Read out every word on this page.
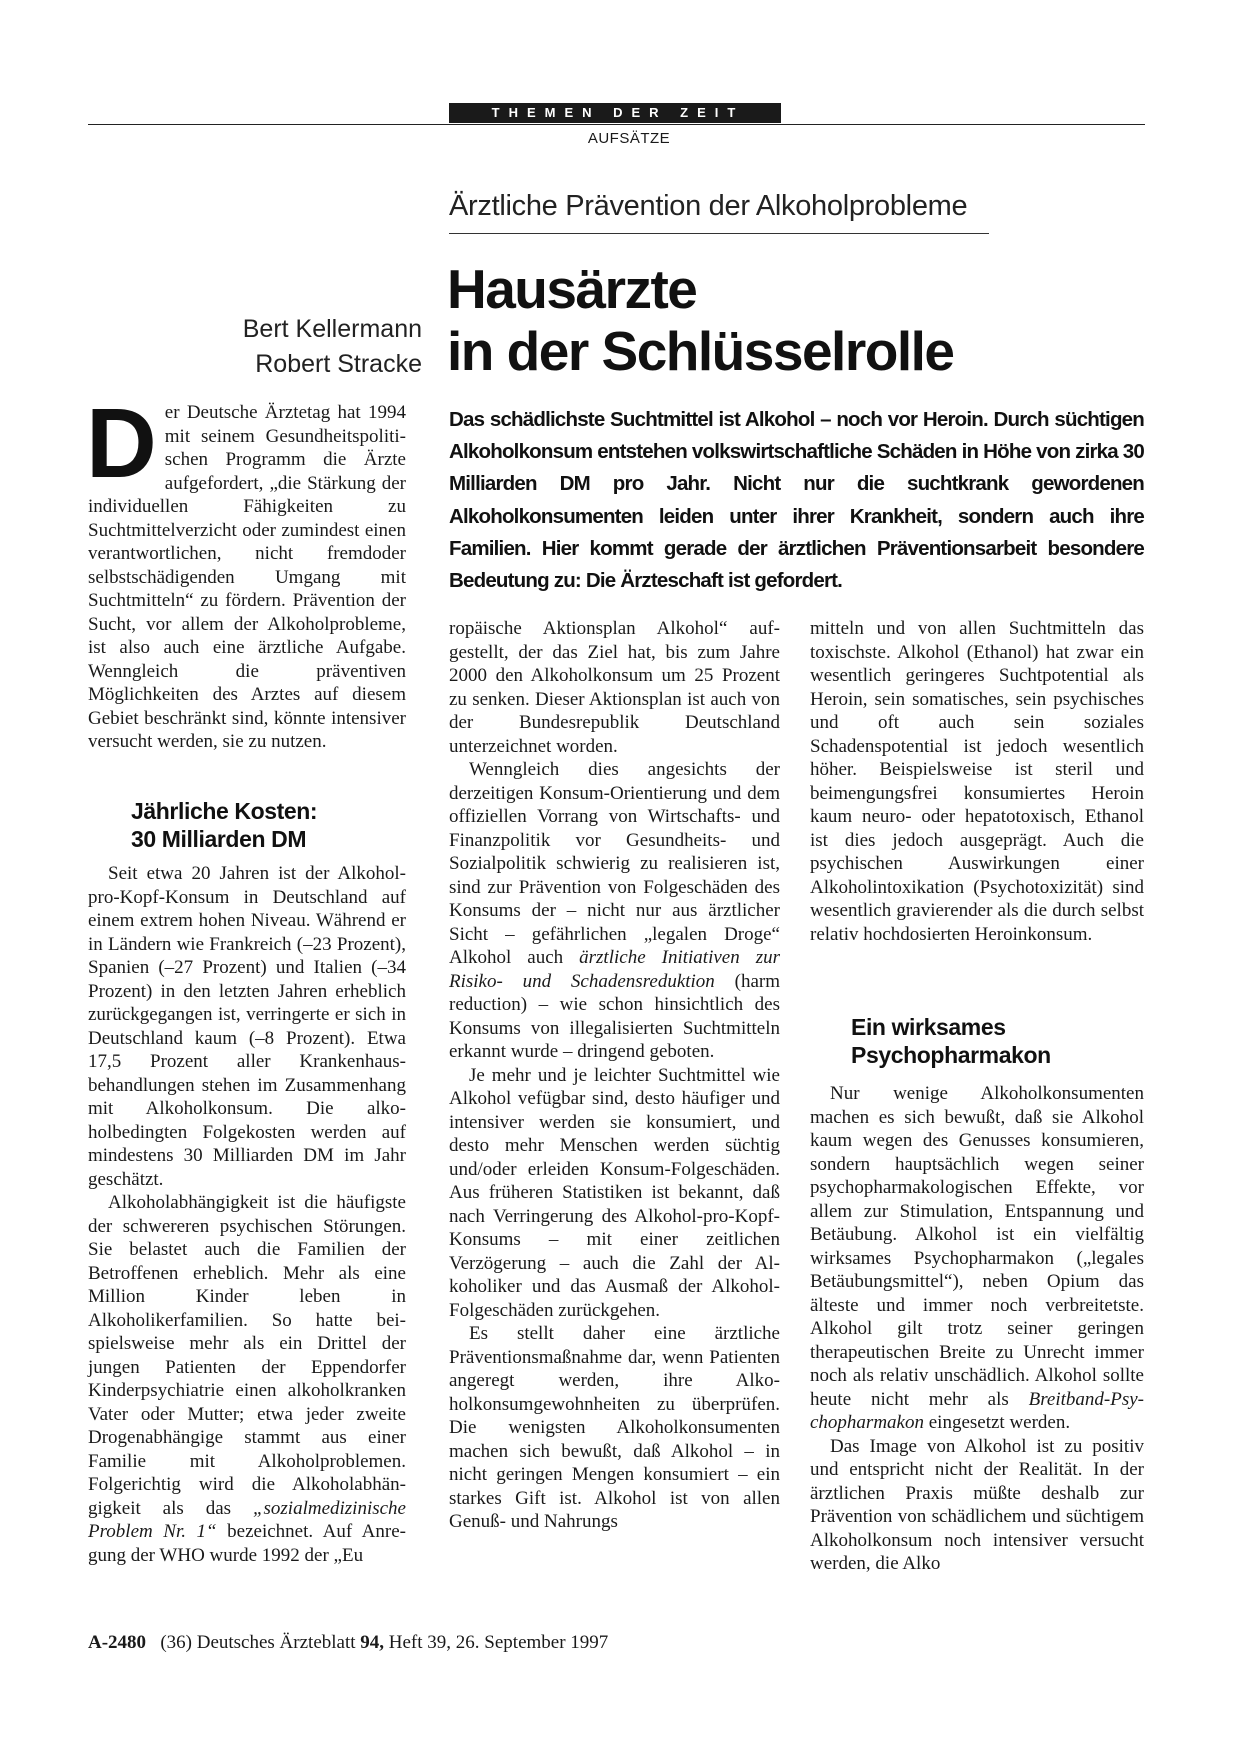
THEMEN DER ZEIT
AUFSÄTZE
Ärztliche Prävention der Alkoholprobleme
Hausärzte
in der Schlüsselrolle
Bert Kellermann
Robert Stracke
Das schädlichste Suchtmittel ist Alkohol – noch vor Heroin. Durch süchtigen Alkoholkonsum entstehen volkswirtschaftliche Schäden in Höhe von zirka 30 Milliarden DM pro Jahr. Nicht nur die suchtkrank gewordenen Alkoholkonsumenten leiden unter ihrer Krankheit, sondern auch ihre Familien. Hier kommt gerade der ärztlichen Präventionsarbeit besondere Bedeutung zu: Die Ärzteschaft ist gefordert.
D er Deutsche Ärztetag hat 1994 mit seinem Gesundheitspolitischen Programm die Ärzte aufgefordert, „die Stärkung der individuellen Fähigkeiten zu Suchtmittelverzicht oder zumindest einen verantwortlichen, nicht fremdoder selbstschädigenden Umgang mit Suchtmitteln“ zu fördern. Prävention der Sucht, vor allem der Alkoholprobleme, ist also auch eine ärztliche Aufgabe. Wenngleich die präventiven Möglichkeiten des Arztes auf diesem Gebiet beschränkt sind, könnte intensiver versucht werden, sie zu nutzen.
Jährliche Kosten:
30 Milliarden DM

Seit etwa 20 Jahren ist der Alkohol-pro-Kopf-Konsum in Deutschland auf einem extrem hohen Niveau. Während er in Ländern wie Frankreich (–23 Prozent), Spanien (–27 Prozent) und Italien (–34 Prozent) in den letzten Jahren erheblich zurückgegangen ist, verringerte er sich in Deutschland kaum (–8 Prozent). Etwa 17,5 Prozent aller Krankenhausbehandlungen stehen im Zusammenhang mit Alkoholkonsum. Die alkoholbedingten Folgekosten werden auf mindestens 30 Milliarden DM im Jahr geschätzt.

Alkoholabhängigkeit ist die häufigste der schwereren psychischen Störungen. Sie belastet auch die Familien der Betroffenen erheblich. Mehr als eine Million Kinder leben in Alkoholikerfamilien. So hatte beispielsweise mehr als ein Drittel der jungen Patienten der Eppendorfer Kinderpsychiatrie einen alkoholkranken Vater oder Mutter; etwa jeder zweite Drogenabhängige stammt aus einer Familie mit Alkoholproblemen. Folgerichtig wird die Alkoholabhängigkeit als das „sozialmedizinische Problem Nr. 1“ bezeichnet. Auf Anregung der WHO wurde 1992 der „Eu

ropäische Aktionsplan Alkohol“ aufgestellt, der das Ziel hat, bis zum Jahre 2000 den Alkoholkonsum um 25 Prozent zu senken. Dieser Aktionsplan ist auch von der Bundesrepublik Deutschland unterzeichnet worden.

Wenngleich dies angesichts der derzeitigen Konsum-Orientierung und dem offiziellen Vorrang von Wirtschafts- und Finanzpolitik vor Gesundheits- und Sozialpolitik schwierig zu realisieren ist, sind zur Prävention von Folgeschäden des Konsums der – nicht nur aus ärztlicher Sicht – gefährlichen „legalen Droge“ Alkohol auch ärztliche Initiativen zur Risiko- und Schadensreduktion (harm reduction) – wie schon hinsichtlich des Konsums von illegalisierten Suchtmitteln erkannt wurde – dringend geboten.

Je mehr und je leichter Suchtmittel wie Alkohol vefügbar sind, desto häufiger und intensiver werden sie konsumiert, und desto mehr Menschen werden süchtig und/oder erleiden Konsum-Folgeschäden. Aus früheren Statistiken ist bekannt, daß nach Verringerung des Alkohol-pro-Kopf-Konsums – mit einer zeitlichen Verzögerung – auch die Zahl der Alkoholiker und das Ausmaß der Alkohol-Folgeschäden zurückgehen.

Es stellt daher eine ärztliche Präventionsmaßnahme dar, wenn Patienten angeregt werden, ihre Alkoholkonsumgewohnheiten zu überprüfen. Die wenigsten Alkoholkonsumenten machen sich bewußt, daß Alkohol – in nicht geringen Mengen konsumiert – ein starkes Gift ist. Alkohol ist von allen Genuß- und Nahrungs

mitteln und von allen Suchtmitteln das toxischste. Alkohol (Ethanol) hat zwar ein wesentlich geringeres Suchtpotential als Heroin, sein somatisches, sein psychisches und oft auch sein soziales Schadenspotential ist jedoch wesentlich höher. Beispielsweise ist steril und beimengungsfrei konsumiertes Heroin kaum neuro- oder hepatotoxisch, Ethanol ist dies jedoch ausgeprägt. Auch die psychischen Auswirkungen einer Alkoholintoxikation (Psychotoxizität) sind wesentlich gravierender als die durch selbst relativ hochdosierten Heroinkonsum.

Ein wirksames
Psychopharmakon

Nur wenige Alkoholkonsumenten machen es sich bewußt, daß sie Alkohol kaum wegen des Genusses konsumieren, sondern hauptsächlich wegen seiner psychopharmakologischen Effekte, vor allem zur Stimulation, Entspannung und Betäubung. Alkohol ist ein vielfältig wirksames Psychopharmakon („legales Betäubungsmittel“), neben Opium das älteste und immer noch verbreitetste. Alkohol gilt trotz seiner geringen therapeutischen Breite zu Unrecht immer noch als relativ unschädlich. Alkohol sollte heute nicht mehr als Breitband-Psychopharmakon eingesetzt werden.

Das Image von Alkohol ist zu positiv und entspricht nicht der Realität. In der ärztlichen Praxis müßte deshalb zur Prävention von schädlichem und süchtigem Alkoholkonsum noch intensiver versucht werden, die Alko

A-2480 (36) Deutsches Ärzteblatt 94, Heft 39, 26. September 1997
